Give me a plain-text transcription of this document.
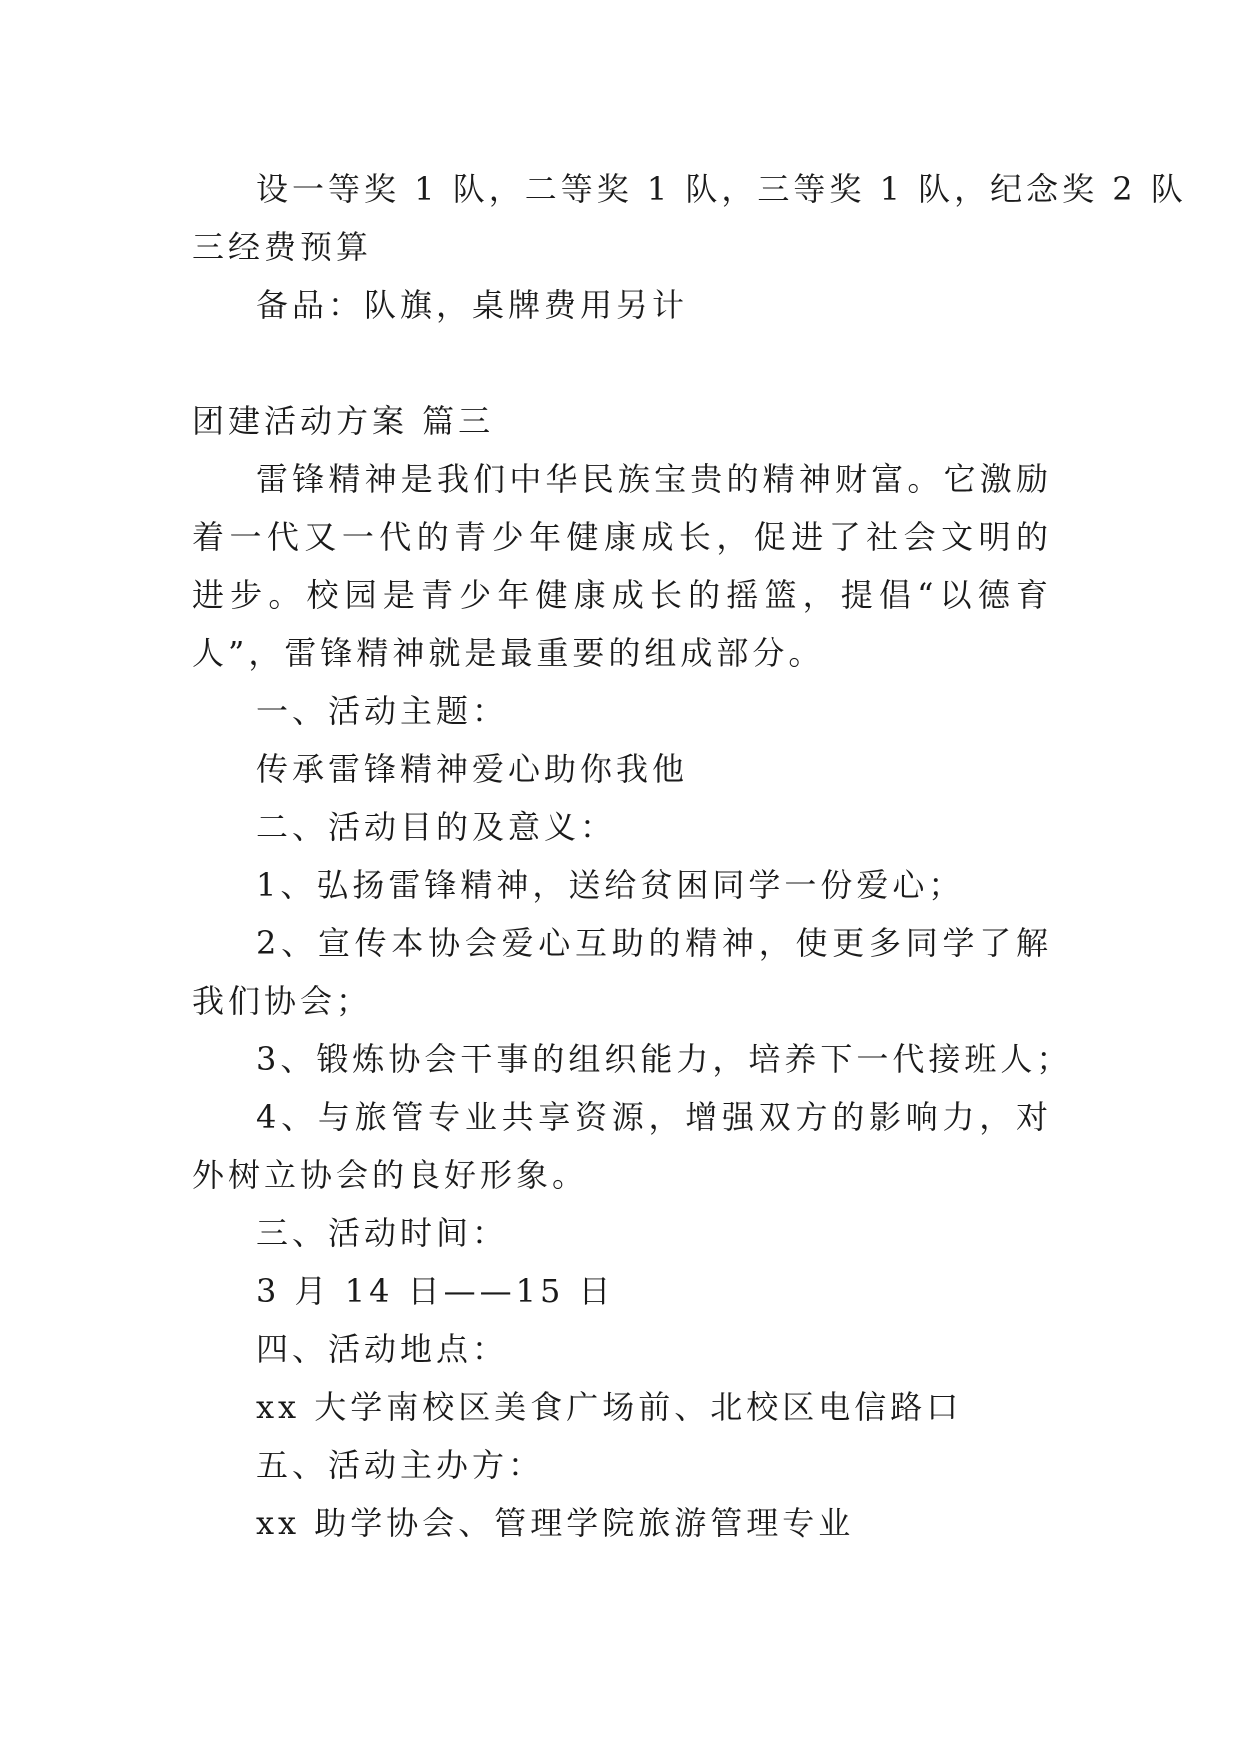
设一等奖 1 队，二等奖 1 队，三等奖 1 队，纪念奖 2 队

三经费预算

备品：队旗，桌牌费用另计

团建活动方案 篇三

雷锋精神是我们中华民族宝贵的精神财富。它激励着一代又一代的青少年健康成长，促进了社会文明的进步。校园是青少年健康成长的摇篮，提倡“以德育人”，雷锋精神就是最重要的组成部分。

一、活动主题：

传承雷锋精神爱心助你我他

二、活动目的及意义：

1、弘扬雷锋精神，送给贫困同学一份爱心；

2、宣传本协会爱心互助的精神，使更多同学了解我们协会；

3、锻炼协会干事的组织能力，培养下一代接班人；

4、与旅管专业共享资源，增强双方的影响力，对外树立协会的良好形象。

三、活动时间：

3 月 14 日——15 日

四、活动地点：

xx 大学南校区美食广场前、北校区电信路口

五、活动主办方：

xx 助学协会、管理学院旅游管理专业
